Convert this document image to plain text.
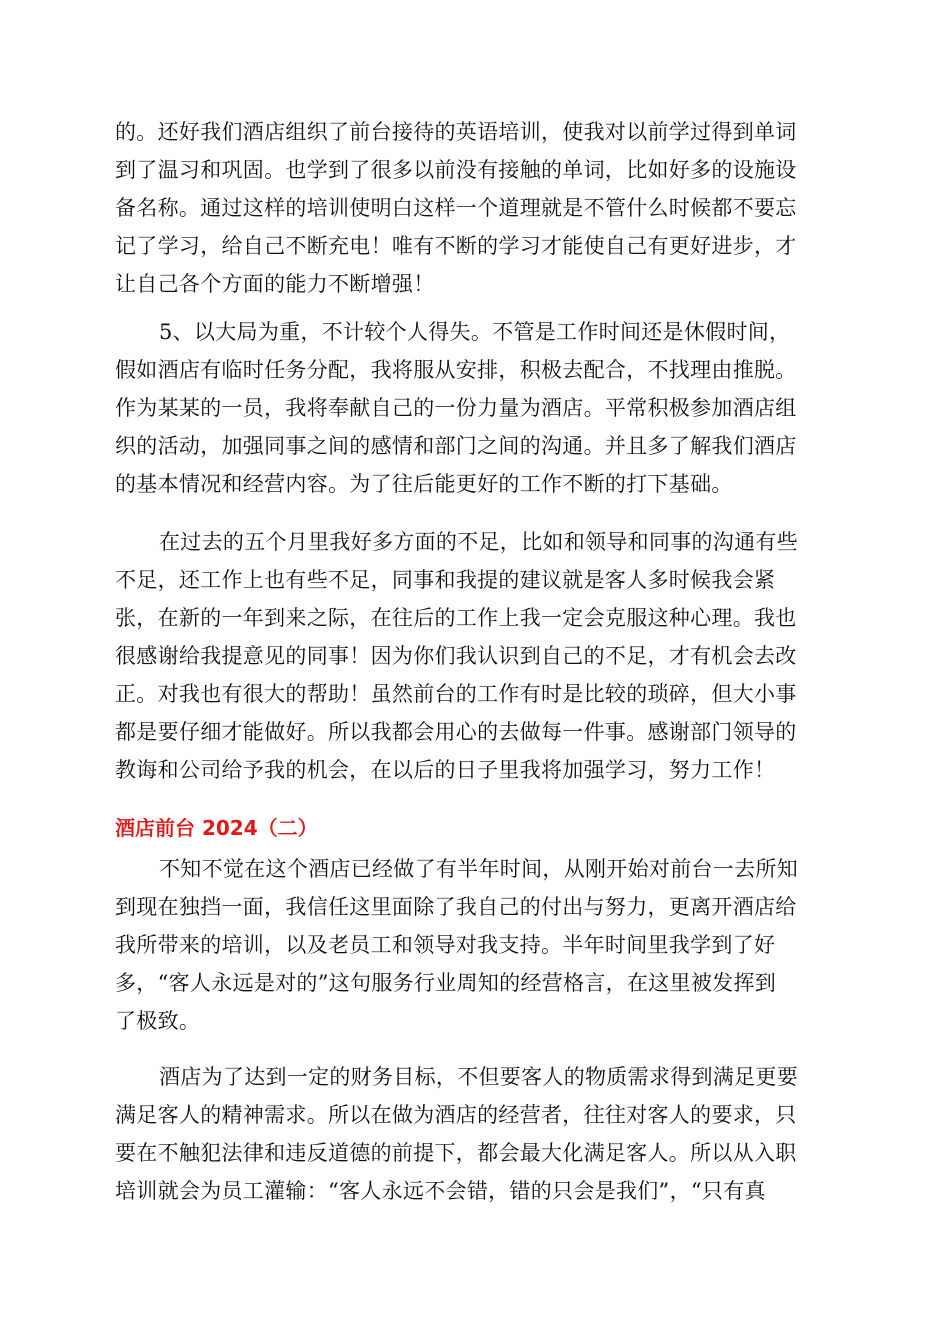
的。还好我们酒店组织了前台接待的英语培训，使我对以前学过得到单词
到了温习和巩固。也学到了很多以前没有接触的单词，比如好多的设施设
备名称。通过这样的培训使明白这样一个道理就是不管什么时候都不要忘
记了学习，给自己不断充电！唯有不断的学习才能使自己有更好进步，才
让自己各个方面的能力不断增强！

5、以大局为重，不计较个人得失。不管是工作时间还是休假时间，
假如酒店有临时任务分配，我将服从安排，积极去配合，不找理由推脱。
作为某某的一员，我将奉献自己的一份力量为酒店。平常积极参加酒店组
织的活动，加强同事之间的感情和部门之间的沟通。并且多了解我们酒店
的基本情况和经营内容。为了往后能更好的工作不断的打下基础。

在过去的五个月里我好多方面的不足，比如和领导和同事的沟通有些
不足，还工作上也有些不足，同事和我提的建议就是客人多时候我会紧
张，在新的一年到来之际，在往后的工作上我一定会克服这种心理。我也
很感谢给我提意见的同事！因为你们我认识到自己的不足，才有机会去改
正。对我也有很大的帮助！虽然前台的工作有时是比较的琐碎，但大小事
都是要仔细才能做好。所以我都会用心的去做每一件事。感谢部门领导的
教诲和公司给予我的机会，在以后的日子里我将加强学习，努力工作！

酒店前台 2024（二）

不知不觉在这个酒店已经做了有半年时间，从刚开始对前台一去所知
到现在独挡一面，我信任这里面除了我自己的付出与努力，更离开酒店给
我所带来的培训，以及老员工和领导对我支持。半年时间里我学到了好
多，“客人永远是对的”这句服务行业周知的经营格言，在这里被发挥到
了极致。

酒店为了达到一定的财务目标，不但要客人的物质需求得到满足更要
满足客人的精神需求。所以在做为酒店的经营者，往往对客人的要求，只
要在不触犯法律和违反道德的前提下，都会最大化满足客人。所以从入职
培训就会为员工灌输：“客人永远不会错，错的只会是我们”，“只有真
